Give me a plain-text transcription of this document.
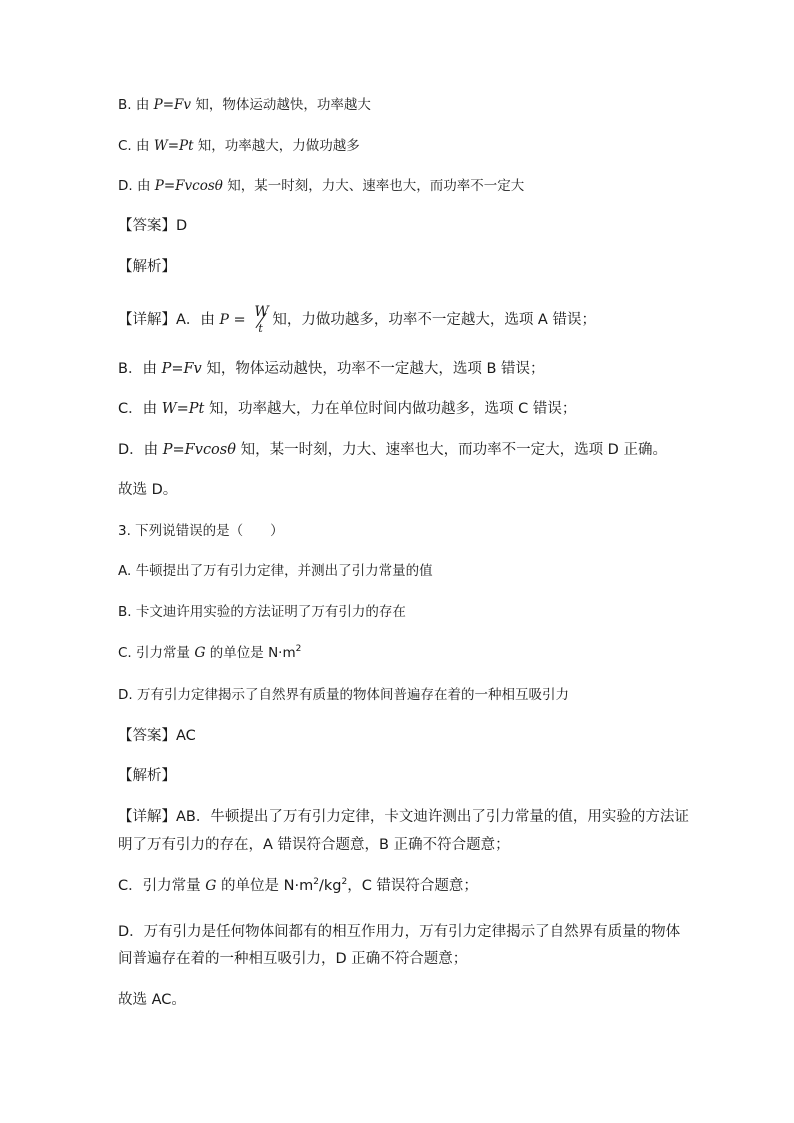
B. 由 P=Fv 知，物体运动越快，功率越大
C. 由 W=Pt 知，功率越大，力做功越多
D. 由 P=Fvcosθ 知，某一时刻，力大、速率也大，而功率不一定大
【答案】D
【解析】
【详解】A．由 P = W
t
知，力做功越多，功率不一定越大，选项 A 错误；
B．由 P=Fv 知，物体运动越快，功率不一定越大，选项 B 错误；
C．由 W=Pt 知，功率越大，力在单位时间内做功越多，选项 C 错误；
D．由 P=Fvcosθ 知，某一时刻，力大、速率也大，而功率不一定大，选项 D 正确。
故选 D。
3. 下列说错误的是（　　）
A. 牛顿提出了万有引力定律，并测出了引力常量的值
B. 卡文迪许用实验的方法证明了万有引力的存在
C. 引力常量 G 的单位是 $N\cdot m^2$
D. 万有引力定律揭示了自然界有质量的物体间普遍存在着的一种相互吸引力
【答案】AC
【解析】
【详解】AB．牛顿提出了万有引力定律，卡文迪许测出了引力常量的值，用实验的方法证
明了万有引力的存在，A 错误符合题意，B 正确不符合题意；
C．引力常量 G 的单位是 $N\cdot m^2/kg^2$，C 错误符合题意；
D．万有引力是任何物体间都有的相互作用力，万有引力定律揭示了自然界有质量的物体
间普遍存在着的一种相互吸引力，D 正确不符合题意；
故选 AC。
